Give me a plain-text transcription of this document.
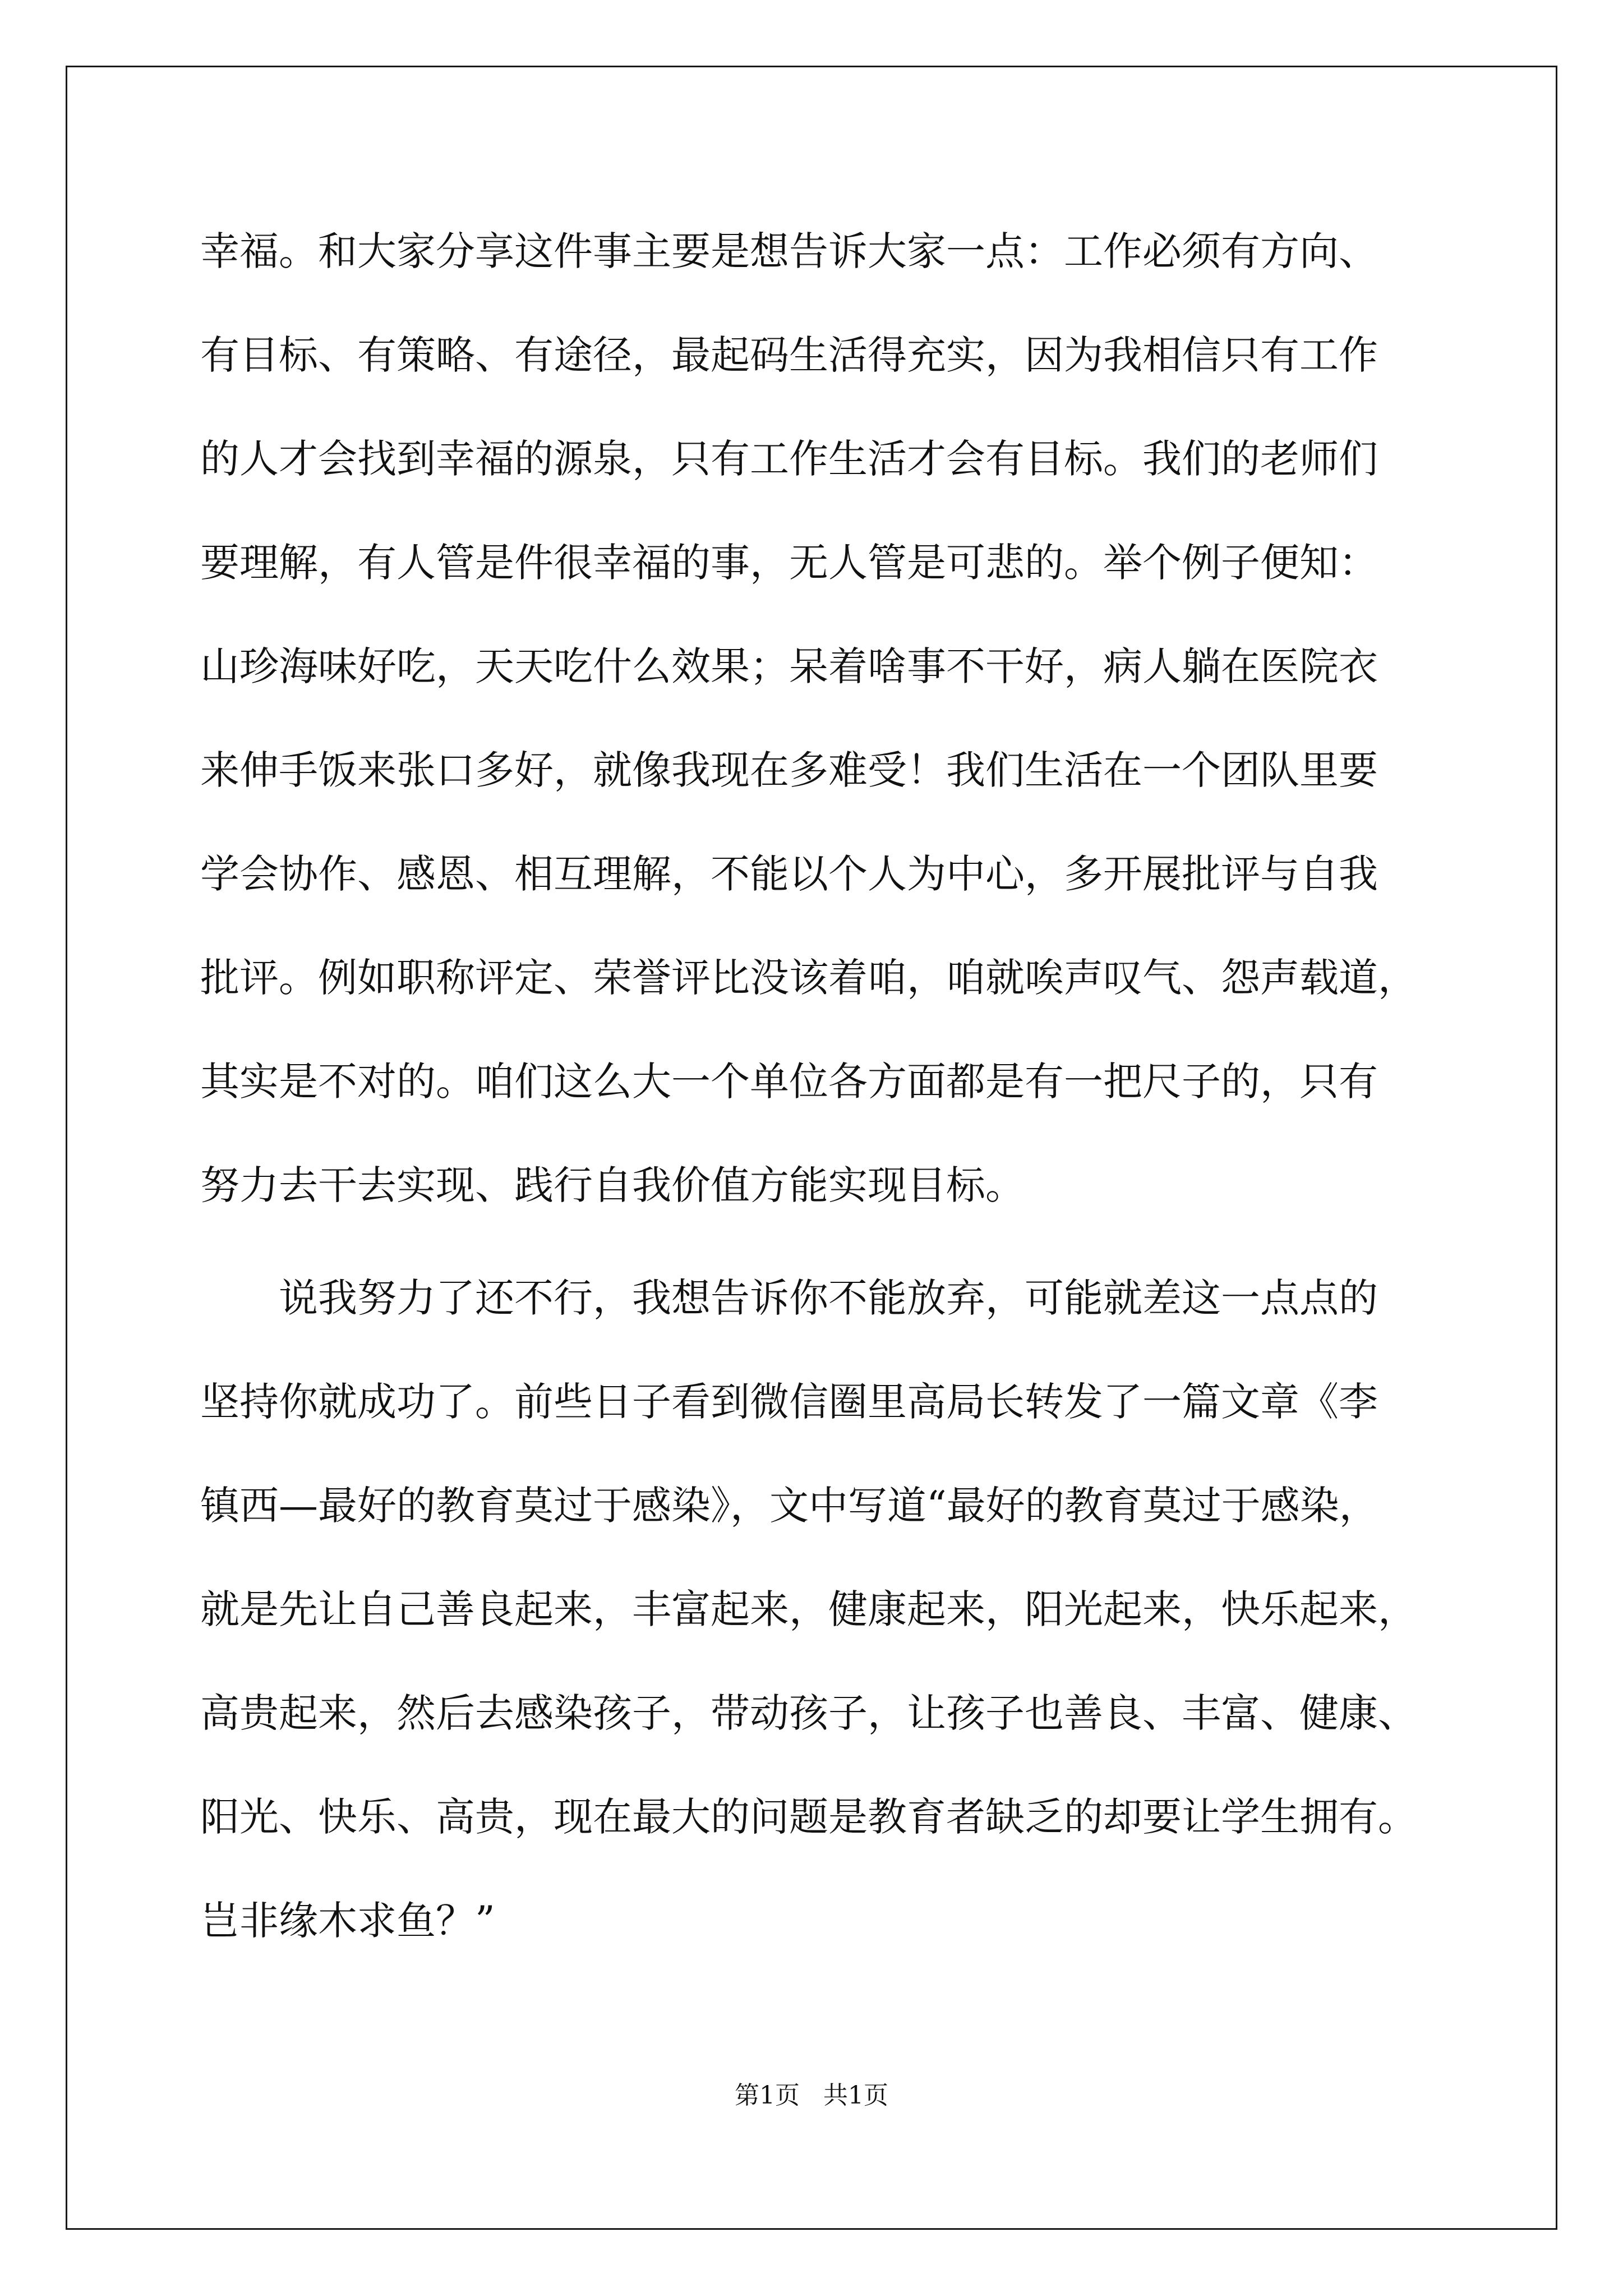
幸福。和大家分享这件事主要是想告诉大家一点：工作必须有方向、
有目标、有策略、有途径，最起码生活得充实，因为我相信只有工作
的人才会找到幸福的源泉，只有工作生活才会有目标。我们的老师们
要理解，有人管是件很幸福的事，无人管是可悲的。举个例子便知：
山珍海味好吃，天天吃什么效果；呆着啥事不干好，病人躺在医院衣
来伸手饭来张口多好，就像我现在多难受！我们生活在一个团队里要
学会协作、感恩、相互理解，不能以个人为中心，多开展批评与自我
批评。例如职称评定、荣誉评比没该着咱，咱就唉声叹气、怨声载道，
其实是不对的。咱们这么大一个单位各方面都是有一把尺子的，只有
努力去干去实现、践行自我价值方能实现目标。
说我努力了还不行，我想告诉你不能放弃，可能就差这一点点的
坚持你就成功了。前些日子看到微信圈里高局长转发了一篇文章《李
镇西—最好的教育莫过于感染》，文中写道“最好的教育莫过于感染，
就是先让自己善良起来，丰富起来，健康起来，阳光起来，快乐起来，
高贵起来，然后去感染孩子，带动孩子，让孩子也善良、丰富、健康、
阳光、快乐、高贵，现在最大的问题是教育者缺乏的却要让学生拥有。
岂非缘木求鱼？”
第1页   共1页
